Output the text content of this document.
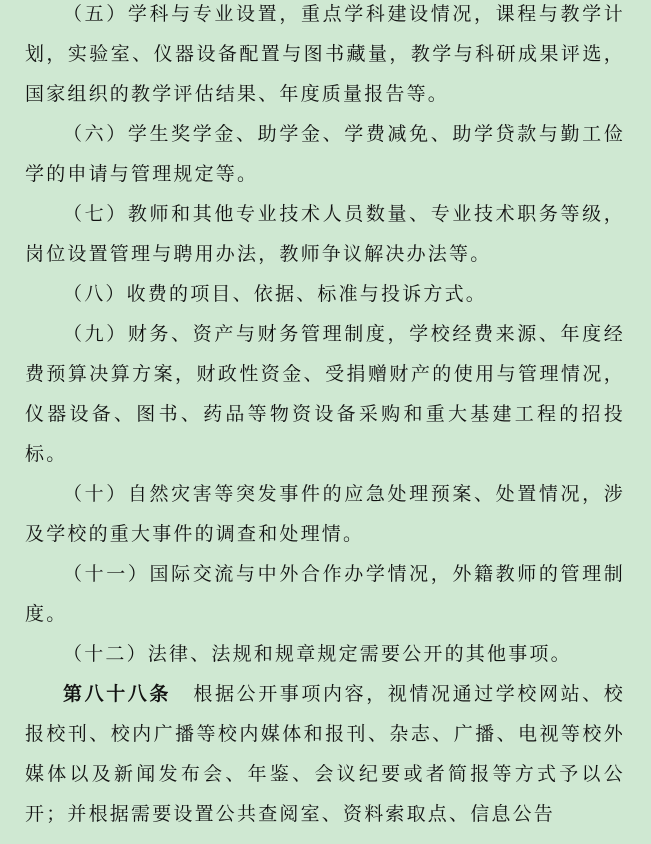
（五）学科与专业设置，重点学科建设情况，课程与教学计划，实验室、仪器设备配置与图书藏量，教学与科研成果评选，国家组织的教学评估结果、年度质量报告等。

（六）学生奖学金、助学金、学费减免、助学贷款与勤工俭学的申请与管理规定等。

（七）教师和其他专业技术人员数量、专业技术职务等级，岗位设置管理与聘用办法，教师争议解决办法等。

（八）收费的项目、依据、标准与投诉方式。

（九）财务、资产与财务管理制度，学校经费来源、年度经费预算决算方案，财政性资金、受捐赠财产的使用与管理情况，仪器设备、图书、药品等物资设备采购和重大基建工程的招投标。

（十）自然灾害等突发事件的应急处理预案、处置情况，涉及学校的重大事件的调查和处理情。

（十一）国际交流与中外合作办学情况，外籍教师的管理制度。

（十二）法律、法规和规章规定需要公开的其他事项。

第八十八条 根据公开事项内容，视情况通过学校网站、校报校刊、校内广播等校内媒体和报刊、杂志、广播、电视等校外媒体以及新闻发布会、年鉴、会议纪要或者简报等方式予以公开；并根据需要设置公共查阅室、资料索取点、信息公告
